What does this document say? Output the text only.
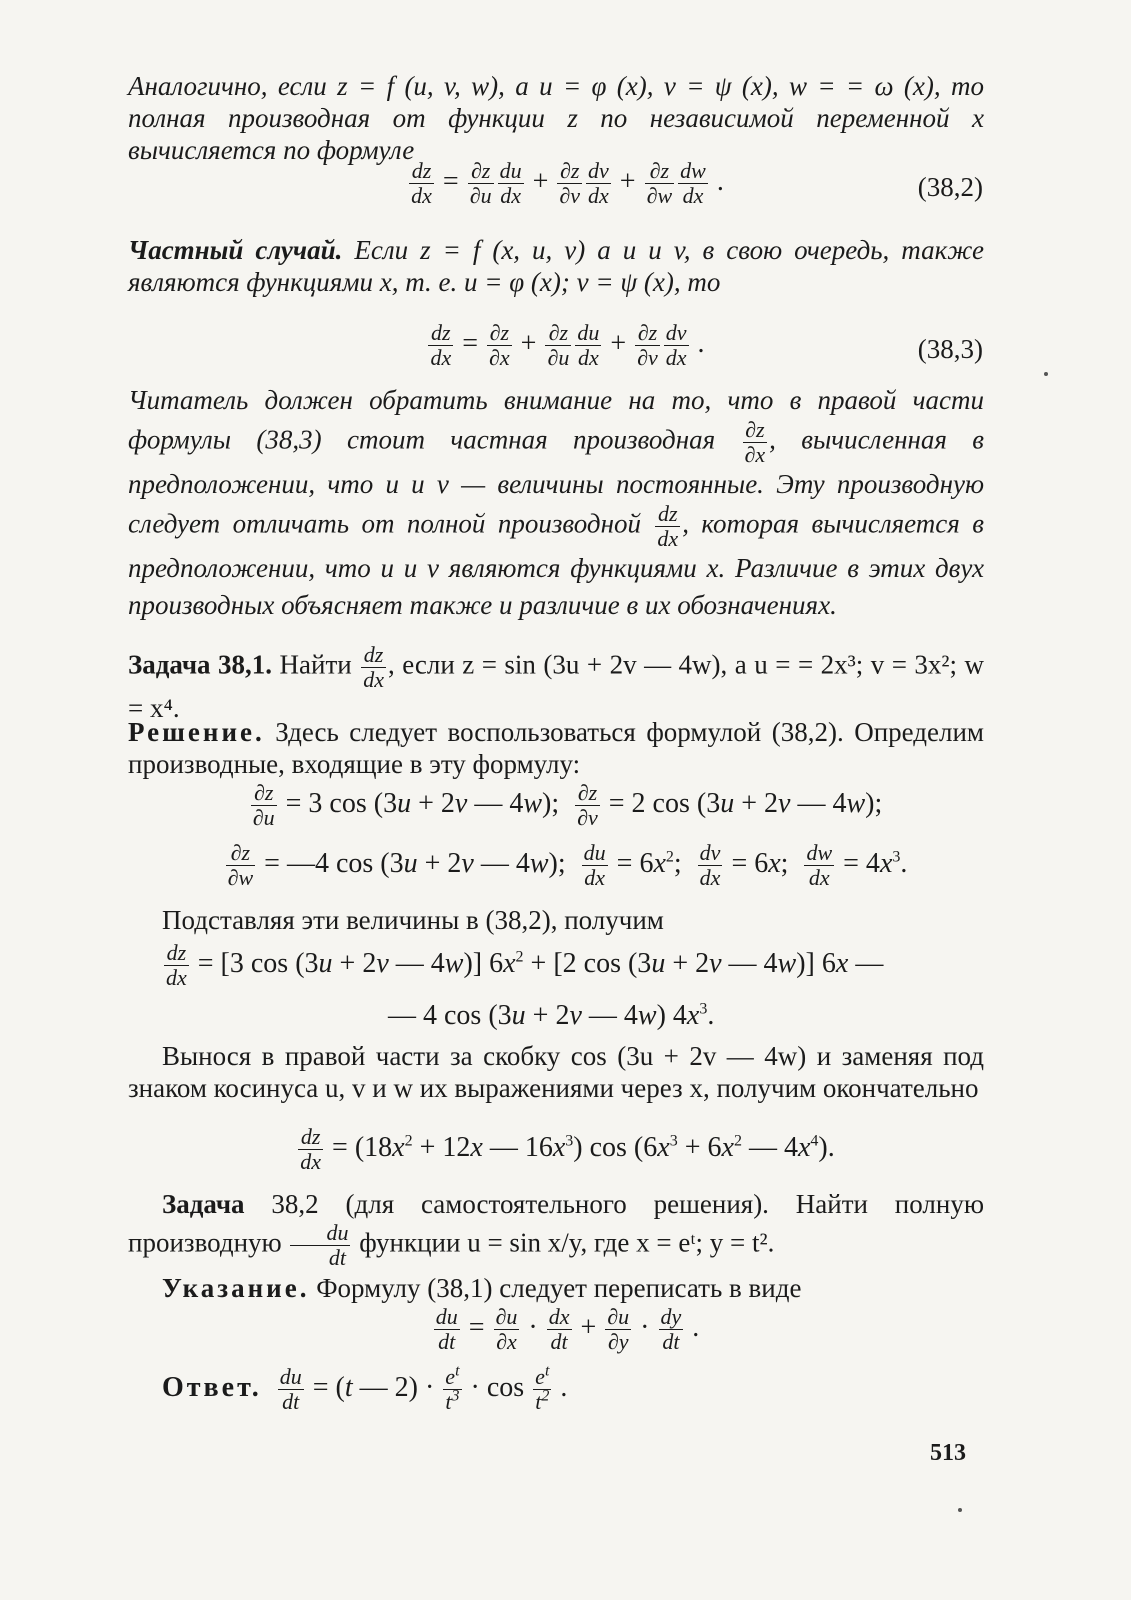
Аналогично, если z = f (u, v, w), а u = φ (x), v = ψ (x), w = = ω (x), то полная производная от функции z по независимой переменной x вычисляется по формуле
$\frac{dz}{dx} = \frac{\partial z}{\partial u} \frac{du}{dx} + \frac{\partial z}{\partial v} \frac{dv}{dx} + \frac{\partial z}{\partial w} \frac{dw}{dx}$ .	(38,2)
Частный случай. Если z = f (x, u, v) а u и v, в свою очередь, также являются функциями x, т. е. u = φ (x); v = ψ (x), то
$\frac{dz}{dx} = \frac{\partial z}{\partial x} + \frac{\partial z}{\partial u} \frac{du}{dx} + \frac{\partial z}{\partial v} \frac{dv}{dx}$ .	(38,3)
Читатель должен обратить внимание на то, что в правой части формулы (38,3) стоит частная производная $\frac{\partial z}{\partial x}$ , вычисленная в предположении, что u и v — величины постоянные. Эту производную следует отличать от полной производной $\frac{dz}{dx}$ , которая вычисляется в предположении, что u и v являются функциями x. Различие в этих двух производных объясняет также и различие в их обозначениях.
Задача 38,1. Найти $\frac{dz}{dx}$ , если z = sin (3u + 2v — 4w), а u = = 2x³; v = 3x²; w = x⁴.
Решение. Здесь следует воспользоваться формулой (38,2). Определим производные, входящие в эту формулу:
$\frac{\partial z}{\partial u} = 3$ cos (3u + 2v — 4w); $\frac{\partial z}{\partial v} = 2$ cos (3u + 2v — 4w);
$\frac{\partial z}{\partial w}$ = —4 cos (3u + 2v — 4w); $\frac{du}{dx} = 6x^2$; $\frac{dv}{dx} = 6x$; $\frac{dw}{dx} = 4x^3$.
Подставляя эти величины в (38,2), получим
$\frac{dz}{dx} = [3$ cos (3u + 2v — 4w)] $6x^2 + [2$ cos (3u + 2v — 4w)] 6x —
— 4 cos (3u + 2v — 4w) $4x^3$.
Вынося в правой части за скобку cos (3u + 2v — 4w) и заменяя под знаком косинуса u, v и w их выражениями через x, получим окончательно
$\frac{dz}{dx} = (18x^2 + 12x$ — $16x^3$) $\cos (6x^3 + 6x^2$ — $4x^4$).
Задача 38,2 (для самостоятельного решения). Найти полную производную $\frac{du}{dt}$ функции u = sin x/y, где x = eᵗ; y = t².
Указание. Формулу (38,1) следует переписать в виде
$\frac{du}{dt} = \frac{\partial u}{\partial x} \cdot \frac{dx}{dt} + \frac{\partial u}{\partial y} \cdot \frac{dy}{dt}$ .
Ответ. $\frac{du}{dt} = (t$ — $2) \cdot \frac{e^t}{t^3} \cdot \cos \frac{e^t}{t^2}$ .
513
